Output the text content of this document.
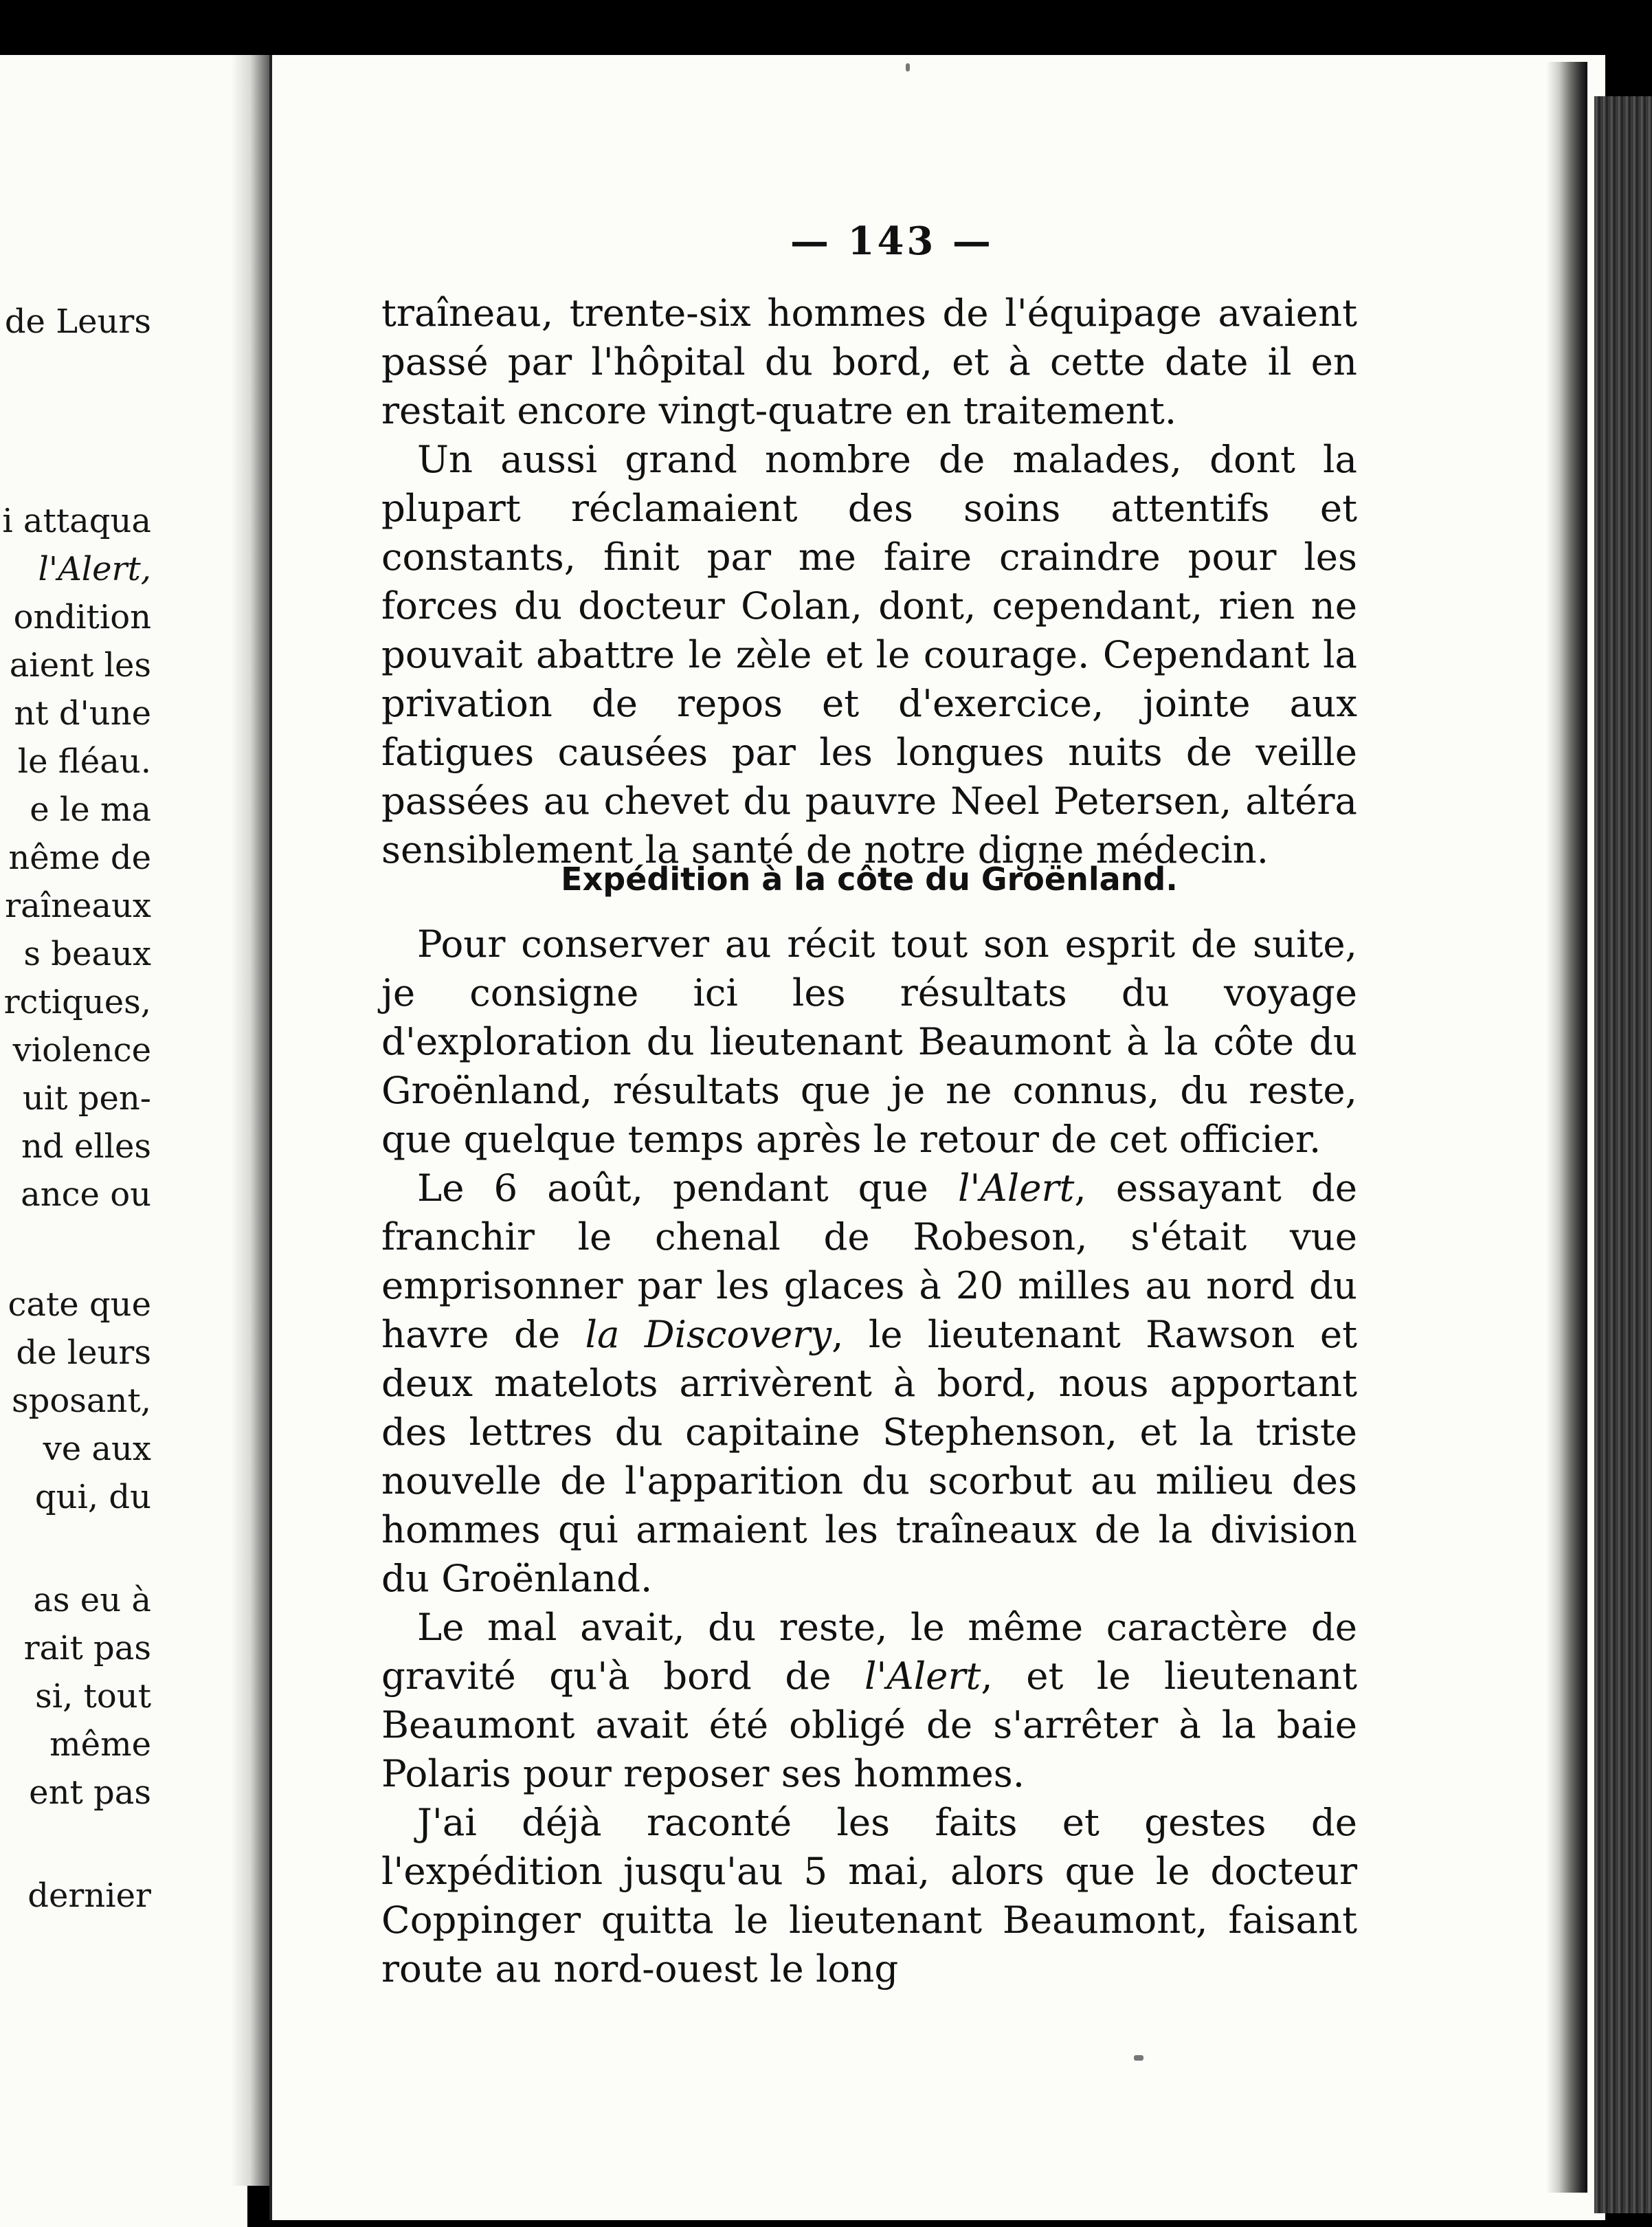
de Leurs
i attaqua
l'Alert,
ondition
aient les
nt d'une
le fléau.
e le ma
nême de
raîneaux
s beaux
rctiques,
violence
uit pen-
nd elles
ance ou
cate que
de leurs
sposant,
ve aux
qui, du
as eu à
rait pas
si, tout
même
ent pas
dernier
— 143 —

traîneau, trente-six hommes de l'équipage avaient passé par l'hôpital du bord, et à cette date il en restait encore vingt-quatre en traitement.

Un aussi grand nombre de malades, dont la plupart réclamaient des soins attentifs et constants, finit par me faire craindre pour les forces du docteur Colan, dont, cependant, rien ne pouvait abattre le zèle et le courage. Cependant la privation de repos et d'exercice, jointe aux fatigues causées par les longues nuits de veille passées au chevet du pauvre Neel Petersen, altéra sensiblement la santé de notre digne médecin.

Expédition à la côte du Groënland.

Pour conserver au récit tout son esprit de suite, je consigne ici les résultats du voyage d'exploration du lieutenant Beaumont à la côte du Groënland, résultats que je ne connus, du reste, que quelque temps après le retour de cet officier.

Le 6 août, pendant que l'Alert, essayant de franchir le chenal de Robeson, s'était vue emprisonner par les glaces à 20 milles au nord du havre de la Discovery, le lieutenant Rawson et deux matelots arrivèrent à bord, nous apportant des lettres du capitaine Stephenson, et la triste nouvelle de l'apparition du scorbut au milieu des hommes qui armaient les traîneaux de la division du Groënland.

Le mal avait, du reste, le même caractère de gravité qu'à bord de l'Alert, et le lieutenant Beaumont avait été obligé de s'arrêter à la baie Polaris pour reposer ses hommes.

J'ai déjà raconté les faits et gestes de l'expédition jusqu'au 5 mai, alors que le docteur Coppinger quitta le lieutenant Beaumont, faisant route au nord-ouest le long
